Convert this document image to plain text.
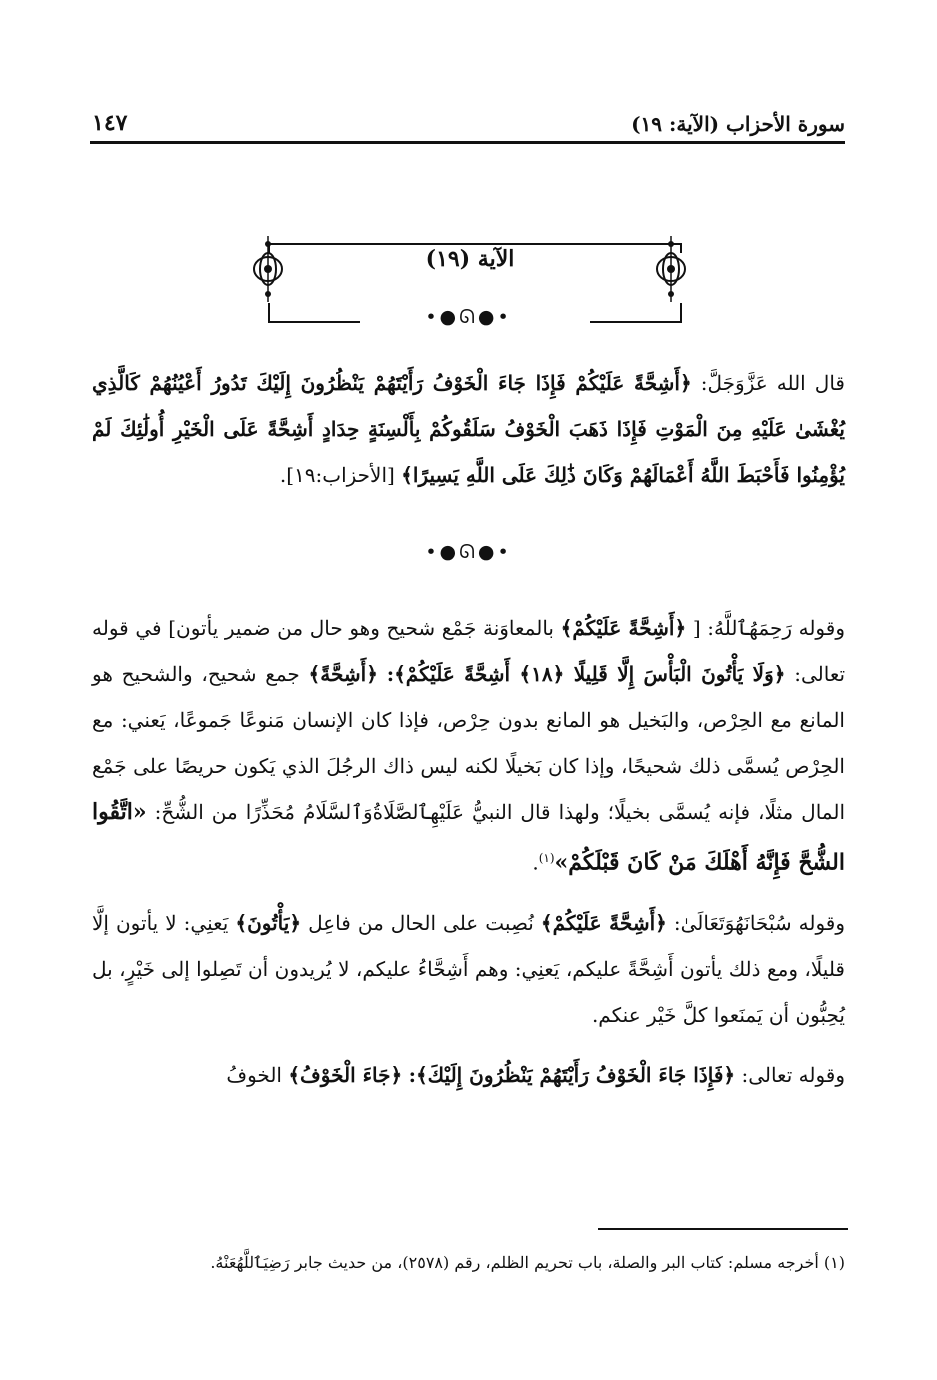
سورة الأحزاب (الآية: ١٩)
١٤٧
الآية (١٩)
•●ᘏ●•

قال الله عَزَّوَجَلَّ: ﴿أَشِحَّةً عَلَيْكُمْ فَإِذَا جَاءَ الْخَوْفُ رَأَيْتَهُمْ يَنْظُرُونَ إِلَيْكَ تَدُورُ أَعْيُنُهُمْ كَالَّذِي يُغْشَىٰ عَلَيْهِ مِنَ الْمَوْتِ فَإِذَا ذَهَبَ الْخَوْفُ سَلَقُوكُمْ بِأَلْسِنَةٍ حِدَادٍ أَشِحَّةً عَلَى الْخَيْرِ أُولَٰئِكَ لَمْ يُؤْمِنُوا فَأَحْبَطَ اللَّهُ أَعْمَالَهُمْ وَكَانَ ذَٰلِكَ عَلَى اللَّهِ يَسِيرًا﴾ [الأحزاب:١٩].

•●ᘏ●•

وقوله رَحِمَهُٱللَّهُ: [ ﴿أَشِحَّةً عَلَيْكُمْ﴾ بالمعاوَنة جَمْع شحيح وهو حال من ضمير يأتون] في قوله تعالى: ﴿وَلَا يَأْتُونَ الْبَأْسَ إِلَّا قَلِيلًا ﴿١٨﴾ أَشِحَّةً عَلَيْكُمْ﴾: ﴿أَشِحَّةً﴾ جمع شحيح، والشحيح هو المانع مع الحِرْص، والبَخيل هو المانع بدون حِرْص، فإذا كان الإنسان مَنوعًا جَموعًا، يَعني: مع الحِرْص يُسمَّى ذلك شحيحًا، وإذا كان بَخيلًا لكنه ليس ذاك الرجُلَ الذي يَكون حريصًا على جَمْع المال مثلًا، فإنه يُسمَّى بخيلًا؛ ولهذا قال النبيُّ عَلَيْهِٱلصَّلَاةُوَٱلسَّلَامُ مُحَذِّرًا من الشُّحِّ: «اتَّقُوا الشُّحَّ فَإِنَّهُ أَهْلَكَ مَنْ كَانَ قَبْلَكُمْ»$^{(١)}$.

وقوله سُبْحَانَهُوَتَعَالَىٰ: ﴿أَشِحَّةً عَلَيْكُمْ﴾ نُصِبت على الحال من فاعِل ﴿يَأْتُونَ﴾ يَعنِي: لا يأتون إلَّا قليلًا، ومع ذلك يأتون أَشِحَّةً عليكم، يَعنِي: وهم أَشِحَّاءُ عليكم، لا يُريدون أن تَصِلوا إلى خَيْرٍ، بل يُحِبُّون أن يَمنَعوا كلَّ خَيْر عنكم.

وقوله تعالى: ﴿فَإِذَا جَاءَ الْخَوْفُ رَأَيْتَهُمْ يَنْظُرُونَ إِلَيْكَ﴾: ﴿جَاءَ الْخَوْفُ﴾ الخوفُ

(١) أخرجه مسلم: كتاب البر والصلة، باب تحريم الظلم، رقم (٢٥٧٨)، من حديث جابر رَضِيَٱللَّهُعَنْهُ.
